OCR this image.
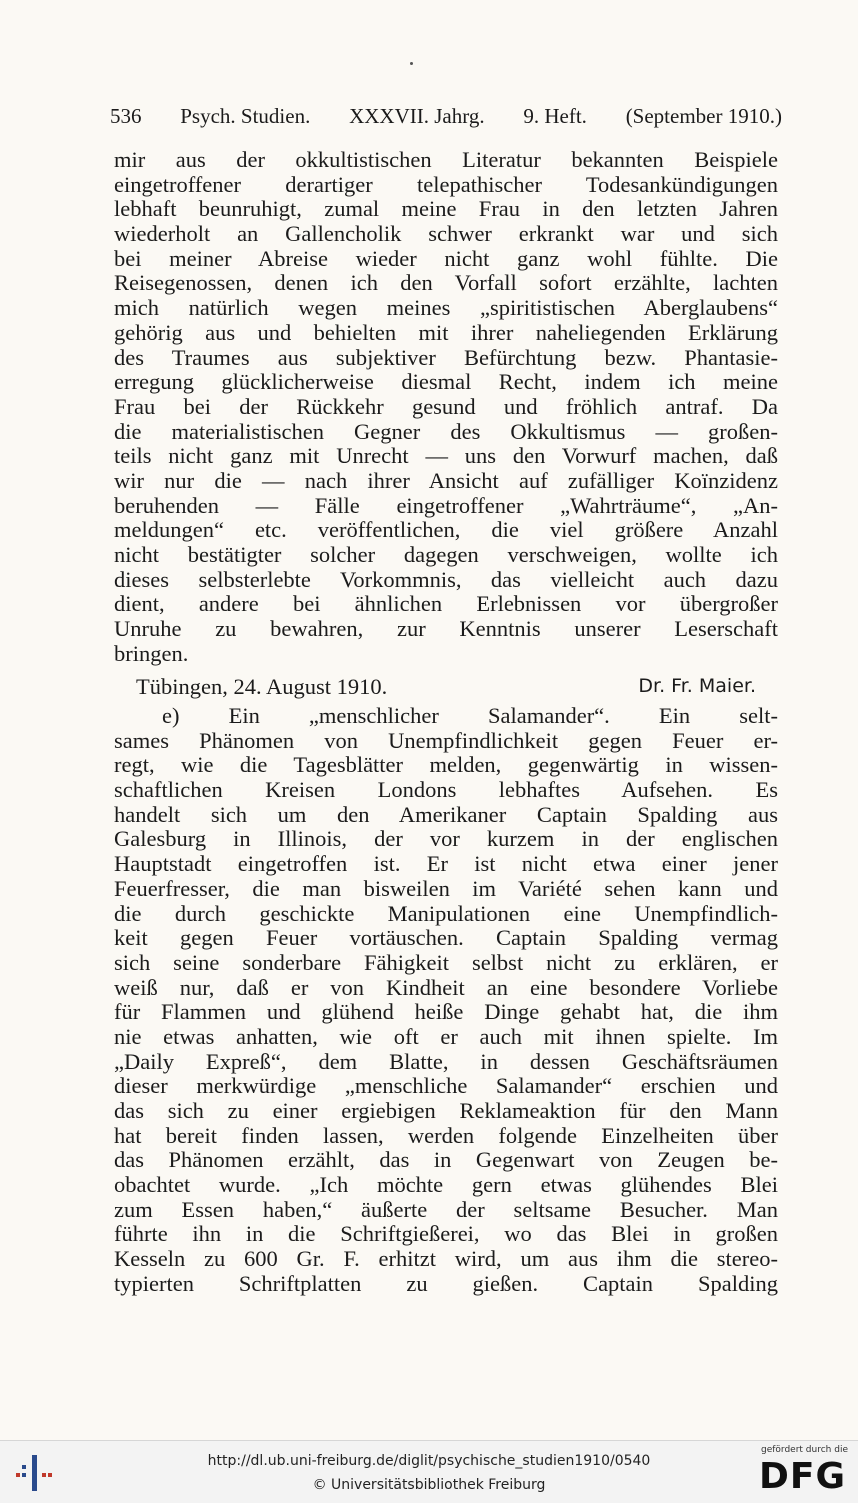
536 Psych. Studien. XXXVII. Jahrg. 9. Heft. (September 1910.)
mir aus der okkultistischen Literatur bekannten Beispiele
eingetroffener derartiger telepathischer Todesankündigungen
lebhaft beunruhigt, zumal meine Frau in den letzten Jahren
wiederholt an Gallencholik schwer erkrankt war und sich
bei meiner Abreise wieder nicht ganz wohl fühlte. Die
Reisegenossen, denen ich den Vorfall sofort erzählte, lachten
mich natürlich wegen meines „spiritistischen Aberglaubens“
gehörig aus und behielten mit ihrer naheliegenden Erklärung
des Traumes aus subjektiver Befürchtung bezw. Phantasie-
erregung glücklicherweise diesmal Recht, indem ich meine
Frau bei der Rückkehr gesund und fröhlich antraf. Da
die materialistischen Gegner des Okkultismus — großen-
teils nicht ganz mit Unrecht — uns den Vorwurf machen, daß
wir nur die — nach ihrer Ansicht auf zufälliger Koïnzidenz
beruhenden — Fälle eingetroffener „Wahrträume“, „An-
meldungen“ etc. veröffentlichen, die viel größere Anzahl
nicht bestätigter solcher dagegen verschweigen, wollte ich
dieses selbsterlebte Vorkommnis, das vielleicht auch dazu
dient, andere bei ähnlichen Erlebnissen vor übergroßer
Unruhe zu bewahren, zur Kenntnis unserer Leserschaft
bringen.
Tübingen, 24. August 1910.	Dr. Fr. Maier.
e) Ein „menschlicher Salamander“. Ein selt-
sames Phänomen von Unempfindlichkeit gegen Feuer er-
regt, wie die Tagesblätter melden, gegenwärtig in wissen-
schaftlichen Kreisen Londons lebhaftes Aufsehen. Es
handelt sich um den Amerikaner Captain Spalding aus
Galesburg in Illinois, der vor kurzem in der englischen
Hauptstadt eingetroffen ist. Er ist nicht etwa einer jener
Feuerfresser, die man bisweilen im Variété sehen kann und
die durch geschickte Manipulationen eine Unempfindlich-
keit gegen Feuer vortäuschen. Captain Spalding vermag
sich seine sonderbare Fähigkeit selbst nicht zu erklären, er
weiß nur, daß er von Kindheit an eine besondere Vorliebe
für Flammen und glühend heiße Dinge gehabt hat, die ihm
nie etwas anhatten, wie oft er auch mit ihnen spielte. Im
„Daily Expreß“, dem Blatte, in dessen Geschäftsräumen
dieser merkwürdige „menschliche Salamander“ erschien und
das sich zu einer ergiebigen Reklameaktion für den Mann
hat bereit finden lassen, werden folgende Einzelheiten über
das Phänomen erzählt, das in Gegenwart von Zeugen be-
obachtet wurde. „Ich möchte gern etwas glühendes Blei
zum Essen haben,“ äußerte der seltsame Besucher. Man
führte ihn in die Schriftgießerei, wo das Blei in großen
Kesseln zu 600 Gr. F. erhitzt wird, um aus ihm die stereo-
typierten Schriftplatten zu gießen. Captain Spalding
http://dl.ub.uni-freiburg.de/diglit/psychische_studien1910/0540
© Universitätsbibliothek Freiburg
gefördert durch die
DFG
